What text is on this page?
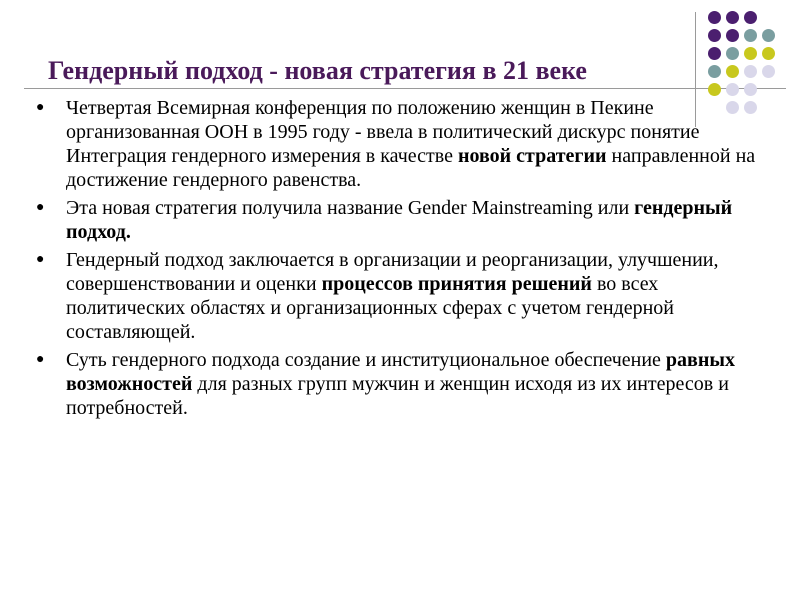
Гендерный подход - новая стратегия в 21 веке
● Четвертая Всемирная конференция по положению женщин в Пекине организованная ООН в 1995 году - ввела в политический дискурс понятие Интеграция гендерного измерения в качестве новой стратегии направленной на достижение гендерного равенства.
● Эта новая стратегия получила название Gender Mainstreaming или гендерный подход.
● Гендерный подход заключается в организации и реорганизации, улучшении, совершенствовании и оценки процессов принятия решений во всех политических областях и организационных сферах с учетом гендерной составляющей.
● Суть гендерного подхода создание и институциональное обеспечение равных возможностей для разных групп мужчин и женщин исходя из их интересов и потребностей.
